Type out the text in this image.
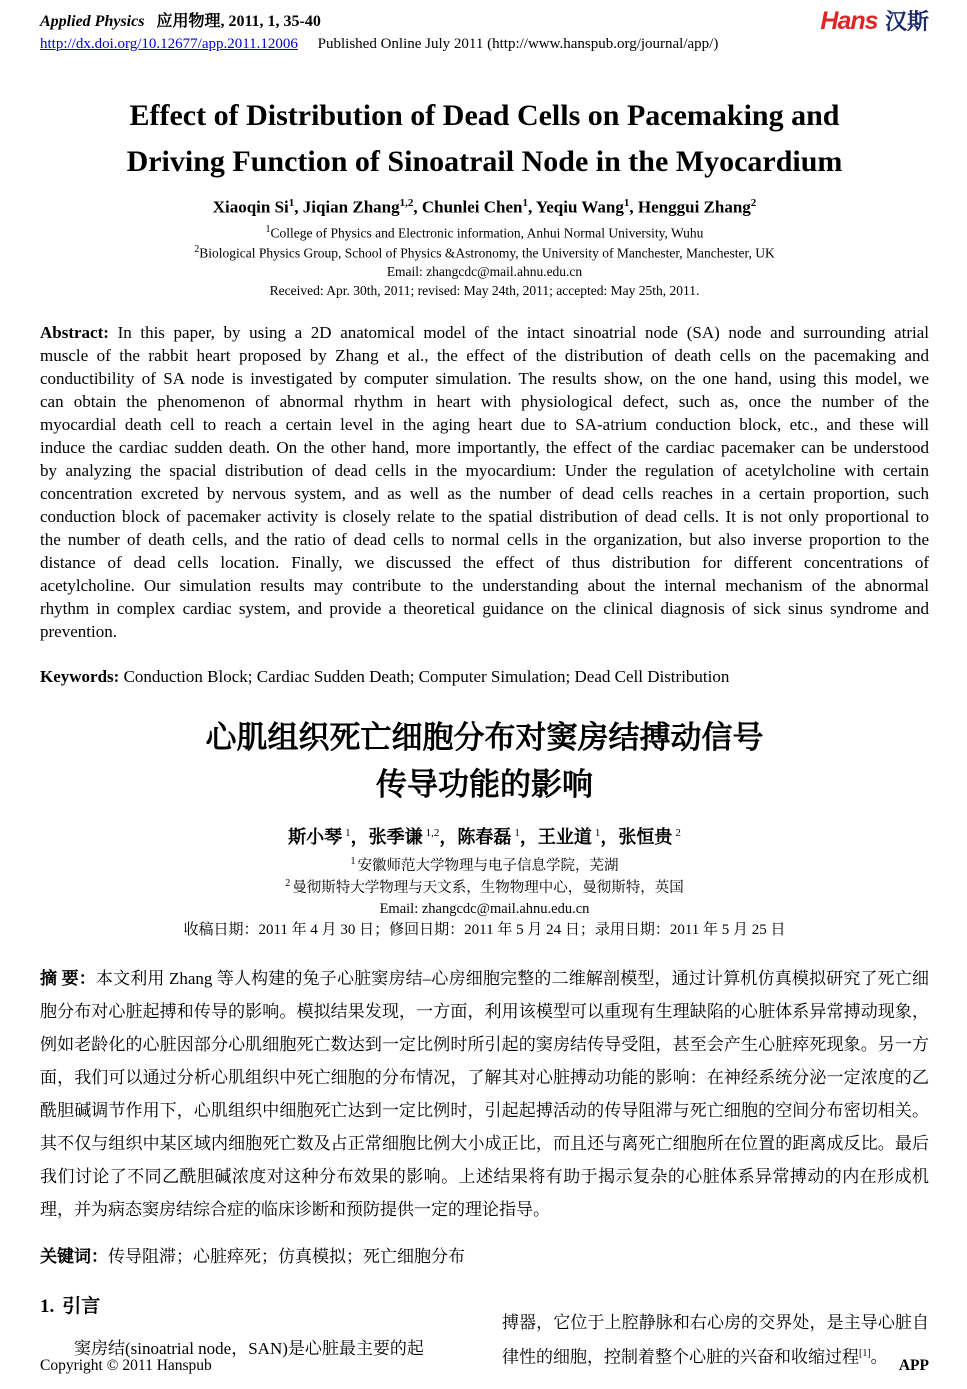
Applied Physics 应用物理, 2011, 1, 35-40	Hans 汉斯
http://dx.doi.org/10.12677/app.2011.12006 Published Online July 2011 (http://www.hanspub.org/journal/app/)
Effect of Distribution of Dead Cells on Pacemaking and
Driving Function of Sinoatrail Node in the Myocardium
Xiaoqin Si$^1$, Jiqian Zhang$^{1,2}$, Chunlei Chen$^1$, Yeqiu Wang$^1$, Henggui Zhang$^2$
$^1$College of Physics and Electronic information, Anhui Normal University, Wuhu
$^2$Biological Physics Group, School of Physics &Astronomy, the University of Manchester, Manchester, UK
Email: zhangcdc@mail.ahnu.edu.cn
Received: Apr. 30th, 2011; revised: May 24th, 2011; accepted: May 25th, 2011.

Abstract: In this paper, by using a 2D anatomical model of the intact sinoatrial node (SA) node and surrounding atrial muscle of the rabbit heart proposed by Zhang et al., the effect of the distribution of death cells on the pacemaking and conductibility of SA node is investigated by computer simulation. The results show, on the one hand, using this model, we can obtain the phenomenon of abnormal rhythm in heart with physiological defect, such as, once the number of the myocardial death cell to reach a certain level in the aging heart due to SA-atrium conduction block, etc., and these will induce the cardiac sudden death. On the other hand, more importantly, the effect of the cardiac pacemaker can be understood by analyzing the spacial distribution of dead cells in the myocardium: Under the regulation of acetylcholine with certain concentration excreted by nervous system, and as well as the number of dead cells reaches in a certain proportion, such conduction block of pacemaker activity is closely relate to the spatial distribution of dead cells. It is not only proportional to the number of death cells, and the ratio of dead cells to normal cells in the organization, but also inverse proportion to the distance of dead cells location. Finally, we discussed the effect of thus distribution for different concentrations of acetylcholine. Our simulation results may contribute to the understanding about the internal mechanism of the abnormal rhythm in complex cardiac system, and provide a theoretical guidance on the clinical diagnosis of sick sinus syndrome and prevention.

Keywords: Conduction Block; Cardiac Sudden Death; Computer Simulation; Dead Cell Distribution

心肌组织死亡细胞分布对窦房结搏动信号
传导功能的影响
斯小琴 $^1$，张季谦 $^{1,2}$，陈春磊 $^1$，王业道 $^1$，张恒贵 $^2$
$^1$ 安徽师范大学物理与电子信息学院，芜湖
$^2$ 曼彻斯特大学物理与天文系，生物物理中心，曼彻斯特，英国
Email: zhangcdc@mail.ahnu.edu.cn
收稿日期：2011 年 4 月 30 日；修回日期：2011 年 5 月 24 日；录用日期：2011 年 5 月 25 日

摘 要：本文利用 Zhang 等人构建的兔子心脏窦房结–心房细胞完整的二维解剖模型，通过计算机仿真模拟研究了死亡细胞分布对心脏起搏和传导的影响。模拟结果发现，一方面，利用该模型可以重现有生理缺陷的心脏体系异常搏动现象，例如老龄化的心脏因部分心肌细胞死亡数达到一定比例时所引起的窦房结传导受阻，甚至会产生心脏瘁死现象。另一方面，我们可以通过分析心肌组织中死亡细胞的分布情况，了解其对心脏搏动功能的影响：在神经系统分泌一定浓度的乙酰胆碱调节作用下，心肌组织中细胞死亡达到一定比例时，引起起搏活动的传导阻滞与死亡细胞的空间分布密切相关。其不仅与组织中某区域内细胞死亡数及占正常细胞比例大小成正比，而且还与离死亡细胞所在位置的距离成反比。最后我们讨论了不同乙酰胆碱浓度对这种分布效果的影响。上述结果将有助于揭示复杂的心脏体系异常搏动的内在形成机理，并为病态窦房结综合症的临床诊断和预防提供一定的理论指导。

关键词：传导阻滞；心脏瘁死；仿真模拟；死亡细胞分布

1. 引言

窦房结(sinoatrial node，SAN)是心脏最主要的起

搏器，它位于上腔静脉和右心房的交界处，是主导心脏自律性的细胞，控制着整个心脏的兴奋和收缩过程[1]。

Copyright © 2011 Hanspub	APP
